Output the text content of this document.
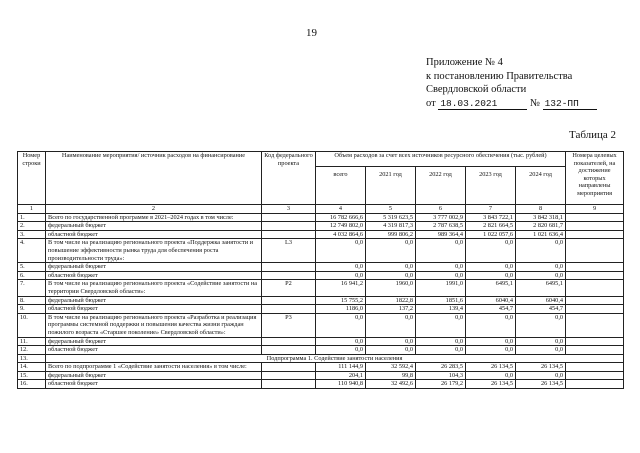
19
Приложение № 4
к постановлению Правительства
Свердловской области
от 18.03.2021	№ 132-ПП
Таблица 2
Номер строки	Наименование мероприятия/ источник расходов на финансирование	Код федерального проекта	Объем расходов за счет всех источников ресурсного обеспечения (тыс. рублей)					Номера целевых показателей, на достижение которых направлены мероприятия
			всего	2021 год	2022 год	2023 год	2024 год	
1	2	3	4	5	6	7	8	9
1.	Всего по государственной программе в 2021–2024 годах в том числе:		16 782 666,6	5 319 623,5	3 777 002,9	3 843 722,1	3 842 318,1	
2.	федеральный бюджет		12 749 802,0	4 319 817,3	2 787 638,5	2 821 664,5	2 820 681,7	
3.	областной бюджет		4 032 864,6	999 806,2	989 364,4	1 022 057,6	1 021 636,4	
4.	В том числе на реализацию регионального проекта «Поддержка занятости и повышение эффективности рынка труда для обеспечения роста производительности труда»:	L3	0,0	0,0	0,0	0,0	0,0	
5.	федеральный бюджет		0,0	0,0	0,0	0,0	0,0	
6.	областной бюджет		0,0	0,0	0,0	0,0	0,0	
7.	В том числе на реализацию регионального проекта «Содействие занятости на территории Свердловской области»:	P2	16 941,2	1960,0	1991,0	6495,1	6495,1	
8.	федеральный бюджет		15 755,2	1822,8	1851,6	6040,4	6040,4	
9.	областной бюджет		1186,0	137,2	139,4	454,7	454,7	
10.	В том числе на реализацию регионального проекта «Разработка и реализация программы системной поддержки и повышения качества жизни граждан пожилого возраста «Старшее поколение» Свердловской области»:	P3	0,0	0,0	0,0	0,0	0,0	
11.	федеральный бюджет		0,0	0,0	0,0	0,0	0,0	
12.	областной бюджет		0,0	0,0	0,0	0,0	0,0	
13.	Подпрограмма 1. Содействие занятости населения							
14.	Всего по подпрограмме 1 «Содействие занятости населения» в том числе:		111 144,9	32 592,4	26 283,5	26 134,5	26 134,5	
15.	федеральный бюджет		204,1	99,8	104,3	0,0	0,0	
16.	областной бюджет		110 940,8	32 492,6	26 179,2	26 134,5	26 134,5	
